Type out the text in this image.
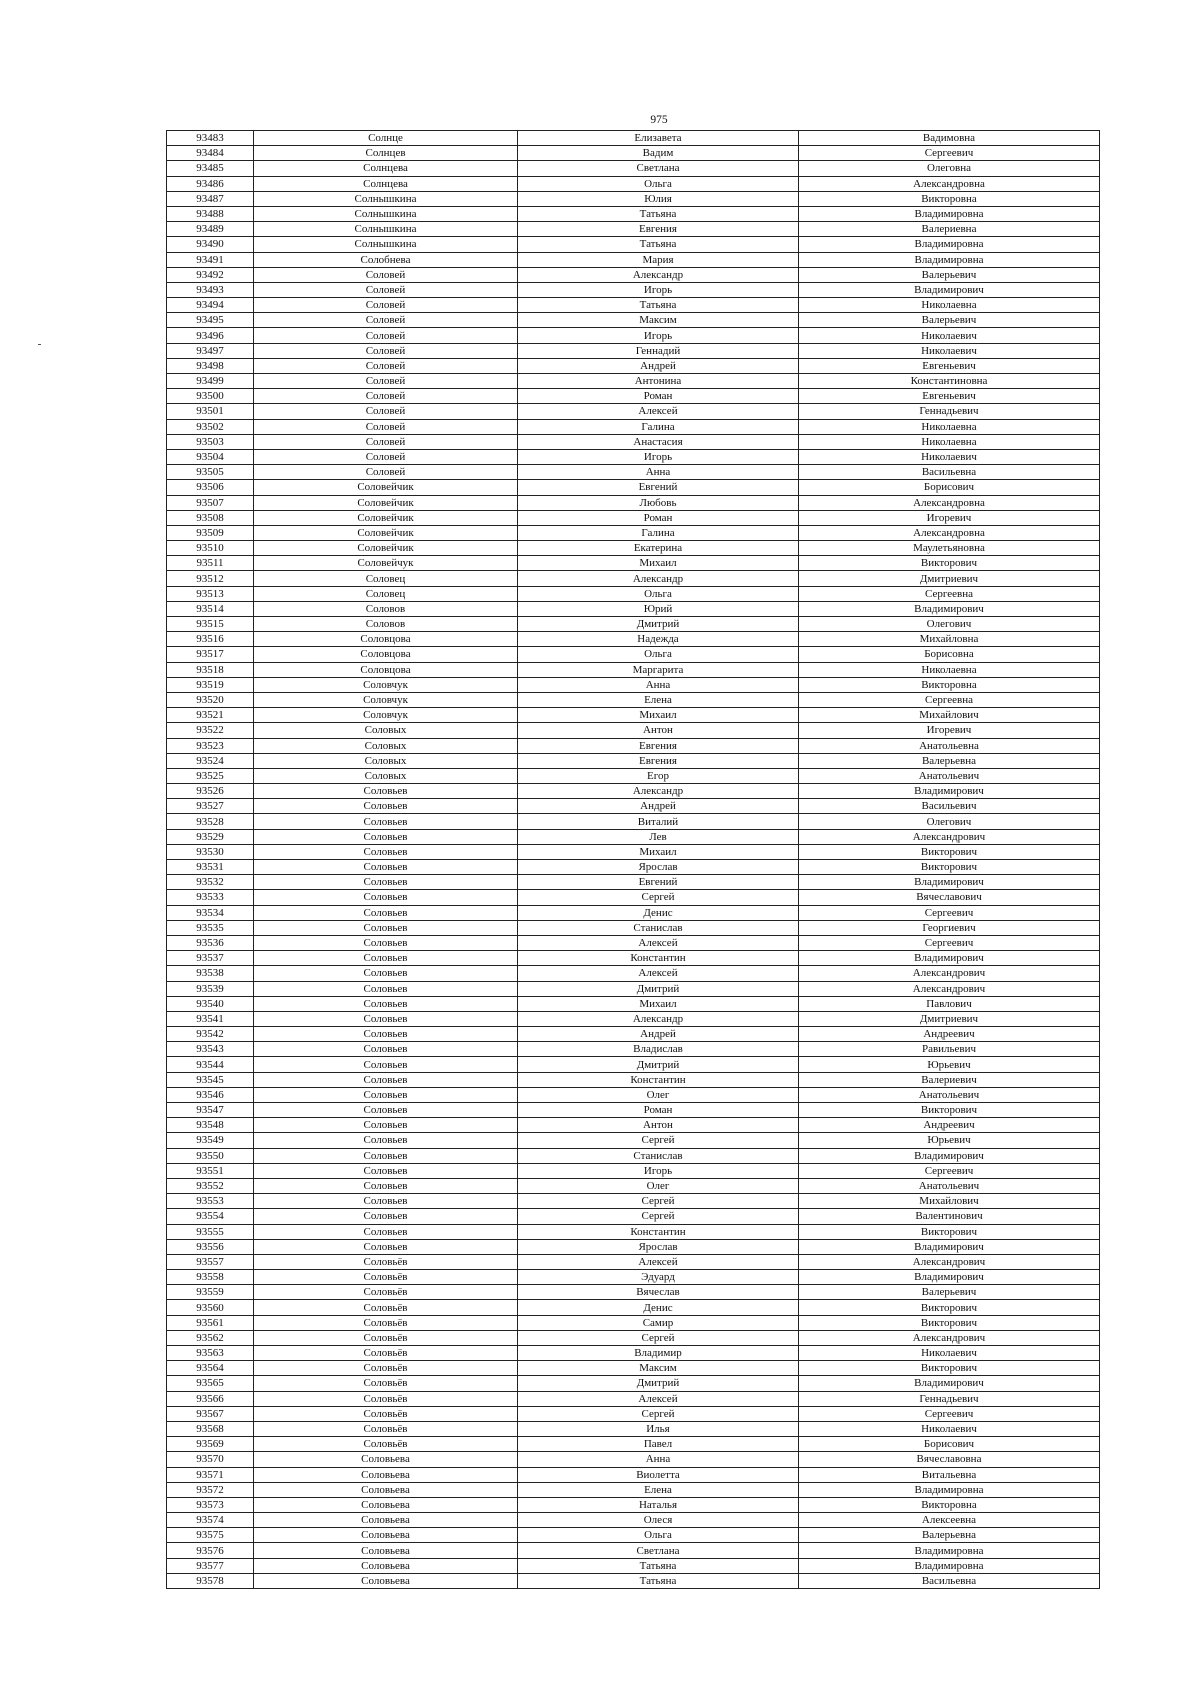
975
93483	Солнце	Елизавета	Вадимовна
93484	Солнцев	Вадим	Сергеевич
93485	Солнцева	Светлана	Олеговна
93486	Солнцева	Ольга	Александровна
93487	Солнышкина	Юлия	Викторовна
93488	Солнышкина	Татьяна	Владимировна
93489	Солнышкина	Евгения	Валериевна
93490	Солнышкина	Татьяна	Владимировна
93491	Солобнева	Мария	Владимировна
93492	Соловей	Александр	Валерьевич
93493	Соловей	Игорь	Владимирович
93494	Соловей	Татьяна	Николаевна
93495	Соловей	Максим	Валерьевич
93496	Соловей	Игорь	Николаевич
93497	Соловей	Геннадий	Николаевич
93498	Соловей	Андрей	Евгеньевич
93499	Соловей	Антонина	Константиновна
93500	Соловей	Роман	Евгеньевич
93501	Соловей	Алексей	Геннадьевич
93502	Соловей	Галина	Николаевна
93503	Соловей	Анастасия	Николаевна
93504	Соловей	Игорь	Николаевич
93505	Соловей	Анна	Васильевна
93506	Соловейчик	Евгений	Борисович
93507	Соловейчик	Любовь	Александровна
93508	Соловейчик	Роман	Игоревич
93509	Соловейчик	Галина	Александровна
93510	Соловейчик	Екатерина	Маулетьяновна
93511	Соловейчук	Михаил	Викторович
93512	Соловец	Александр	Дмитриевич
93513	Соловец	Ольга	Сергеевна
93514	Соловов	Юрий	Владимирович
93515	Соловов	Дмитрий	Олегович
93516	Соловцова	Надежда	Михайловна
93517	Соловцова	Ольга	Борисовна
93518	Соловцова	Маргарита	Николаевна
93519	Соловчук	Анна	Викторовна
93520	Соловчук	Елена	Сергеевна
93521	Соловчук	Михаил	Михайлович
93522	Соловых	Антон	Игоревич
93523	Соловых	Евгения	Анатольевна
93524	Соловых	Евгения	Валерьевна
93525	Соловых	Егор	Анатольевич
93526	Соловьев	Александр	Владимирович
93527	Соловьев	Андрей	Васильевич
93528	Соловьев	Виталий	Олегович
93529	Соловьев	Лев	Александрович
93530	Соловьев	Михаил	Викторович
93531	Соловьев	Ярослав	Викторович
93532	Соловьев	Евгений	Владимирович
93533	Соловьев	Сергей	Вячеславович
93534	Соловьев	Денис	Сергеевич
93535	Соловьев	Станислав	Георгиевич
93536	Соловьев	Алексей	Сергеевич
93537	Соловьев	Константин	Владимирович
93538	Соловьев	Алексей	Александрович
93539	Соловьев	Дмитрий	Александрович
93540	Соловьев	Михаил	Павлович
93541	Соловьев	Александр	Дмитриевич
93542	Соловьев	Андрей	Андреевич
93543	Соловьев	Владислав	Равильевич
93544	Соловьев	Дмитрий	Юрьевич
93545	Соловьев	Константин	Валериевич
93546	Соловьев	Олег	Анатольевич
93547	Соловьев	Роман	Викторович
93548	Соловьев	Антон	Андреевич
93549	Соловьев	Сергей	Юрьевич
93550	Соловьев	Станислав	Владимирович
93551	Соловьев	Игорь	Сергеевич
93552	Соловьев	Олег	Анатольевич
93553	Соловьев	Сергей	Михайлович
93554	Соловьев	Сергей	Валентинович
93555	Соловьев	Константин	Викторович
93556	Соловьев	Ярослав	Владимирович
93557	Соловьёв	Алексей	Александрович
93558	Соловьёв	Эдуард	Владимирович
93559	Соловьёв	Вячеслав	Валерьевич
93560	Соловьёв	Денис	Викторович
93561	Соловьёв	Самир	Викторович
93562	Соловьёв	Сергей	Александрович
93563	Соловьёв	Владимир	Николаевич
93564	Соловьёв	Максим	Викторович
93565	Соловьёв	Дмитрий	Владимирович
93566	Соловьёв	Алексей	Геннадьевич
93567	Соловьёв	Сергей	Сергеевич
93568	Соловьёв	Илья	Николаевич
93569	Соловьёв	Павел	Борисович
93570	Соловьева	Анна	Вячеславовна
93571	Соловьева	Виолетта	Витальевна
93572	Соловьева	Елена	Владимировна
93573	Соловьева	Наталья	Викторовна
93574	Соловьева	Олеся	Алексеевна
93575	Соловьева	Ольга	Валерьевна
93576	Соловьева	Светлана	Владимировна
93577	Соловьева	Татьяна	Владимировна
93578	Соловьева	Татьяна	Васильевна
